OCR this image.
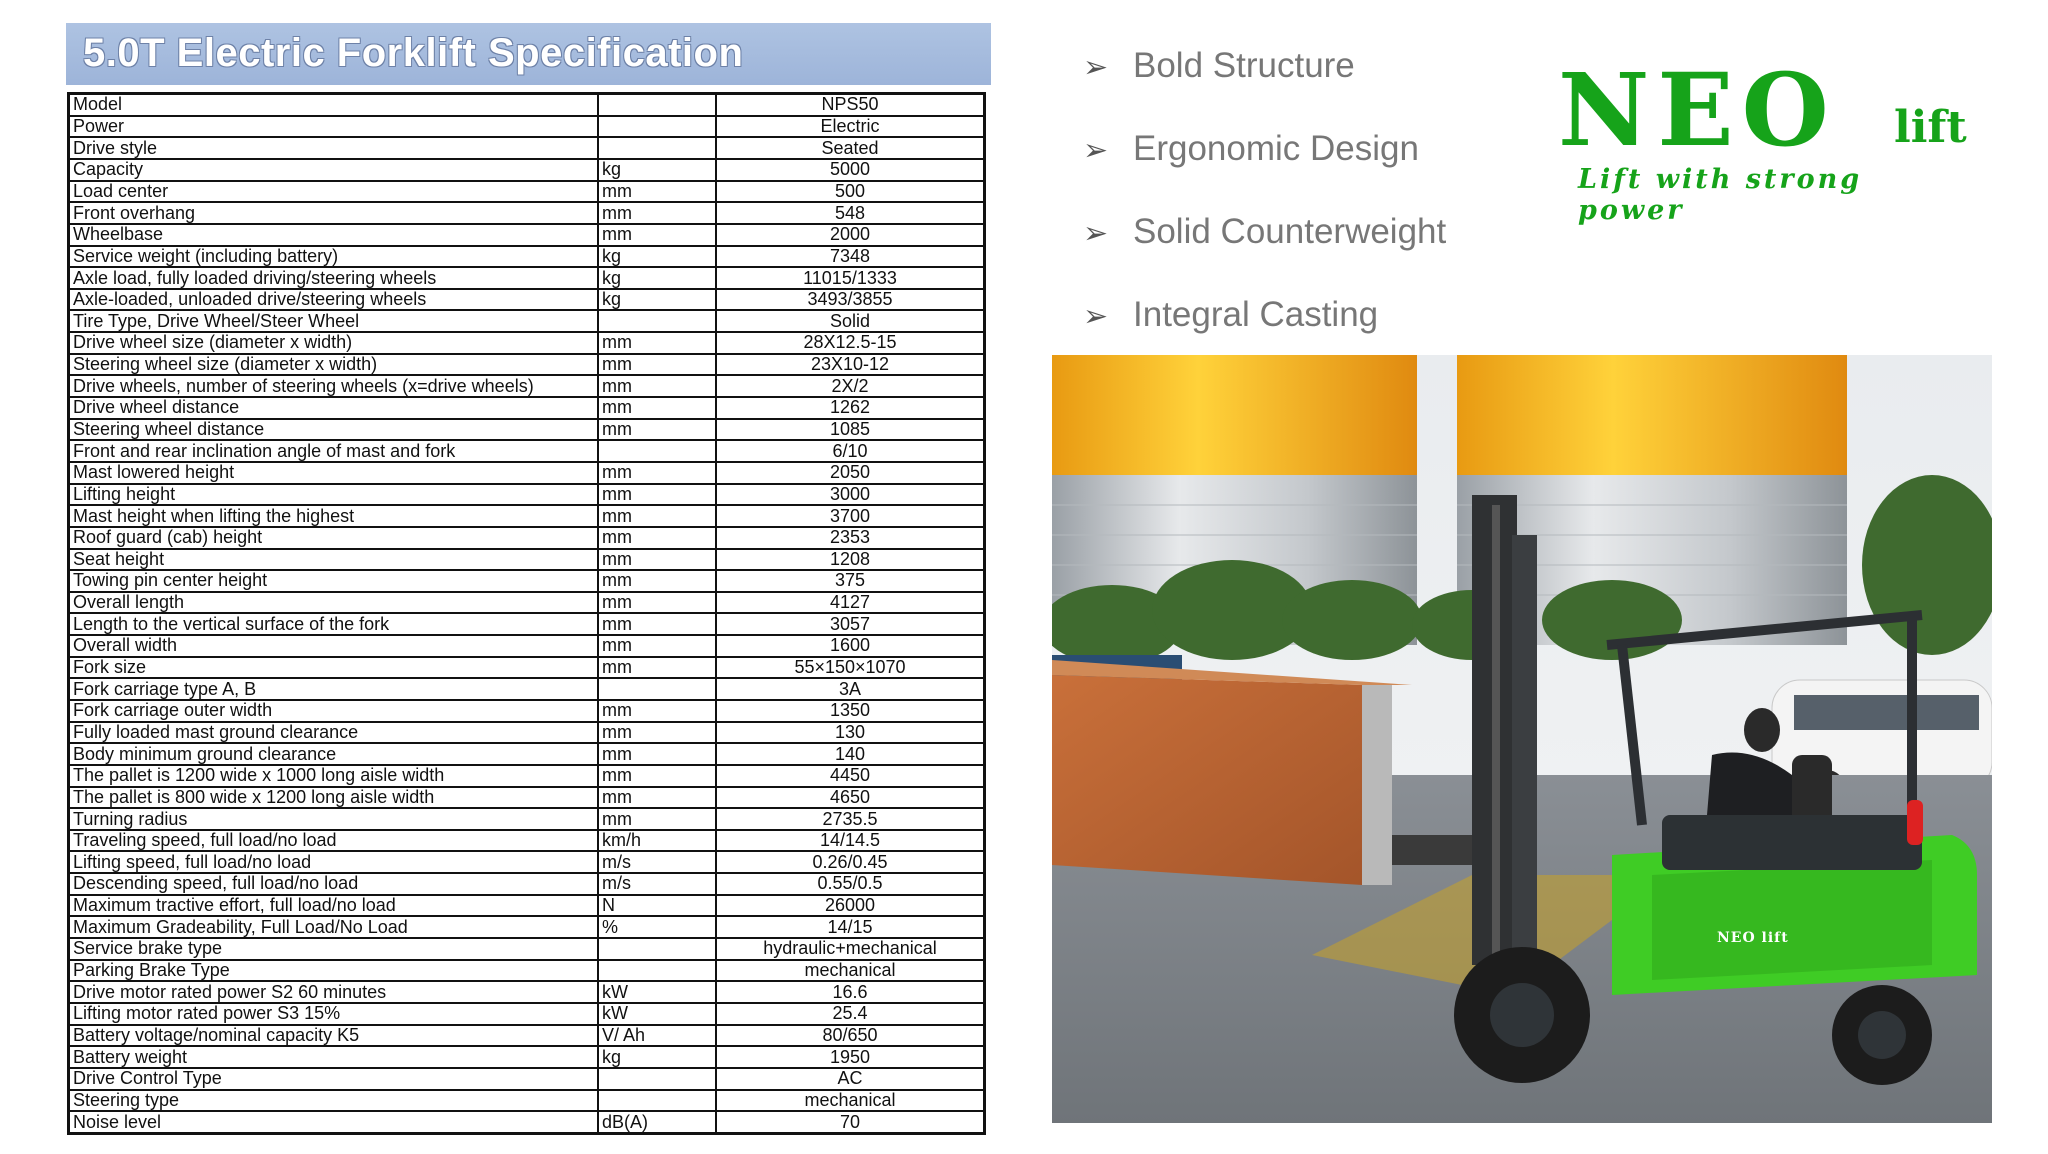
5.0T Electric Forklift Specification
Model		NPS50
Power		Electric
Drive style		Seated
Capacity	kg	5000
Load center	mm	500
Front overhang	mm	548
Wheelbase	mm	2000
Service weight (including battery)	kg	7348
Axle load, fully loaded driving/steering wheels	kg	11015/1333
Axle-loaded, unloaded drive/steering wheels	kg	3493/3855
Tire Type, Drive Wheel/Steer Wheel		Solid
Drive wheel size (diameter x width)	mm	28X12.5-15
Steering wheel size (diameter x width)	mm	23X10-12
Drive wheels, number of steering wheels (x=drive wheels)	mm	2X/2
Drive wheel distance	mm	1262
Steering wheel distance	mm	1085
Front and rear inclination angle of mast and fork		6/10
Mast lowered height	mm	2050
Lifting height	mm	3000
Mast height when lifting the highest	mm	3700
Roof guard (cab) height	mm	2353
Seat height	mm	1208
Towing pin center height	mm	375
Overall length	mm	4127
Length to the vertical surface of the fork	mm	3057
Overall width	mm	1600
Fork size	mm	55×150×1070
Fork carriage type A, B		3A
Fork carriage outer width	mm	1350
Fully loaded mast ground clearance	mm	130
Body minimum ground clearance	mm	140
The pallet is 1200 wide x 1000 long aisle width	mm	4450
The pallet is 800 wide x 1200 long aisle width	mm	4650
Turning radius	mm	2735.5
Traveling speed, full load/no load	km/h	14/14.5
Lifting speed, full load/no load	m/s	0.26/0.45
Descending speed, full load/no load	m/s	0.55/0.5
Maximum tractive effort, full load/no load	N	26000
Maximum Gradeability, Full Load/No Load	%	14/15
Service brake type		hydraulic+mechanical
Parking Brake Type		mechanical
Drive motor rated power S2 60 minutes	kW	16.6
Lifting motor rated power S3 15%	kW	25.4
Battery voltage/nominal capacity K5	V/ Ah	80/650
Battery weight	kg	1950
Drive Control Type		AC
Steering type		mechanical
Noise level	dB(A)	70
➢ Bold Structure
➢ Ergonomic Design
➢ Solid Counterweight
➢ Integral Casting
NEO lift
Lift with strong power
NEO lift
